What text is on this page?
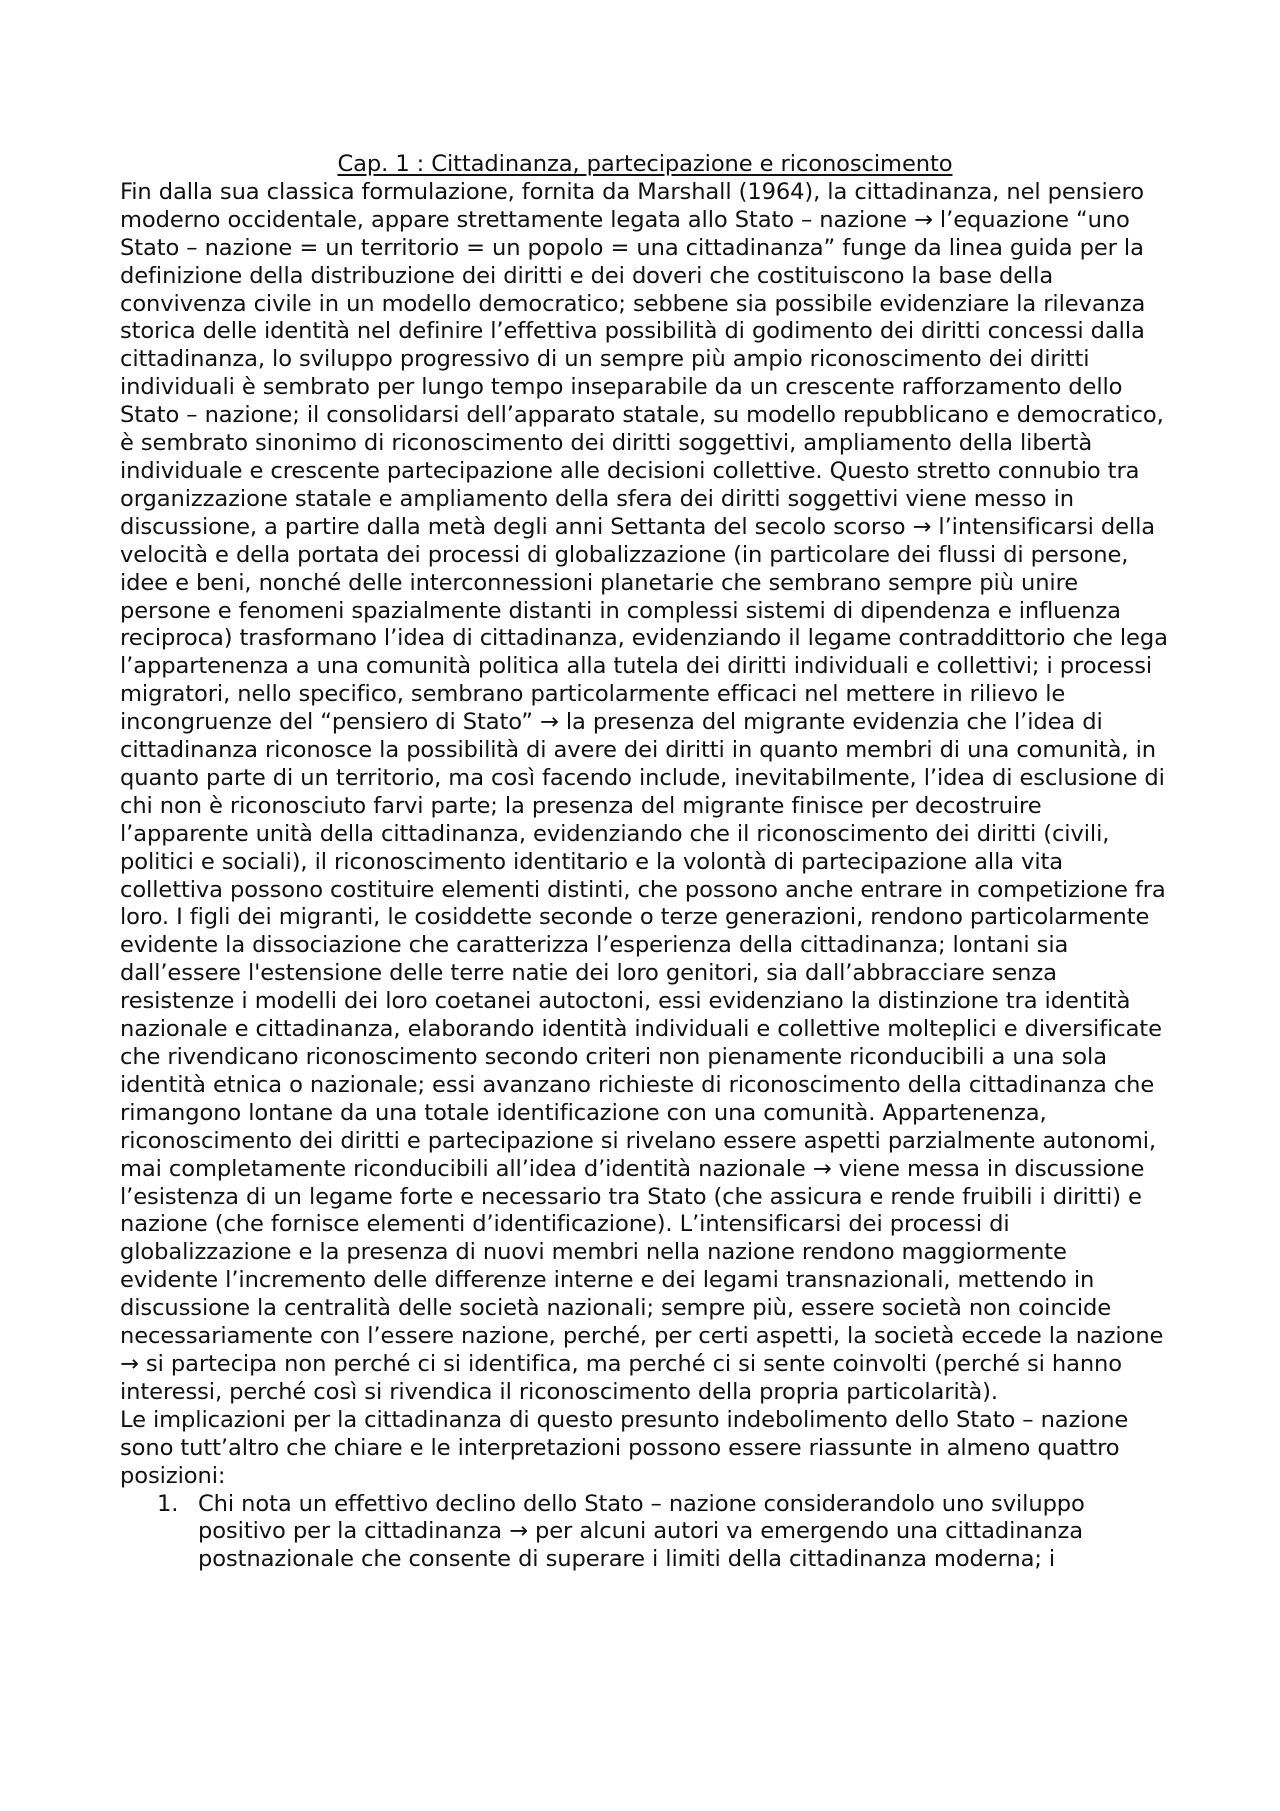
Cap. 1 : Cittadinanza, partecipazione e riconoscimento

Fin dalla sua classica formulazione, fornita da Marshall (1964), la cittadinanza, nel pensiero moderno occidentale, appare strettamente legata allo Stato – nazione → l’equazione “uno Stato – nazione = un territorio = un popolo = una cittadinanza” funge da linea guida per la definizione della distribuzione dei diritti e dei doveri che costituiscono la base della convivenza civile in un modello democratico; sebbene sia possibile evidenziare la rilevanza storica delle identità nel definire l’effettiva possibilità di godimento dei diritti concessi dalla cittadinanza, lo sviluppo progressivo di un sempre più ampio riconoscimento dei diritti individuali è sembrato per lungo tempo inseparabile da un crescente rafforzamento dello Stato – nazione; il consolidarsi dell’apparato statale, su modello repubblicano e democratico, è sembrato sinonimo di riconoscimento dei diritti soggettivi, ampliamento della libertà individuale e crescente partecipazione alle decisioni collettive. Questo stretto connubio tra organizzazione statale e ampliamento della sfera dei diritti soggettivi viene messo in discussione, a partire dalla metà degli anni Settanta del secolo scorso → l’intensificarsi della velocità e della portata dei processi di globalizzazione (in particolare dei flussi di persone, idee e beni, nonché delle interconnessioni planetarie che sembrano sempre più unire persone e fenomeni spazialmente distanti in complessi sistemi di dipendenza e influenza reciproca) trasformano l’idea di cittadinanza, evidenziando il legame contraddittorio che lega l’appartenenza a una comunità politica alla tutela dei diritti individuali e collettivi; i processi migratori, nello specifico, sembrano particolarmente efficaci nel mettere in rilievo le incongruenze del “pensiero di Stato” → la presenza del migrante evidenzia che l’idea di cittadinanza riconosce la possibilità di avere dei diritti in quanto membri di una comunità, in quanto parte di un territorio, ma così facendo include, inevitabilmente, l’idea di esclusione di chi non è riconosciuto farvi parte; la presenza del migrante finisce per decostruire l’apparente unità della cittadinanza, evidenziando che il riconoscimento dei diritti (civili, politici e sociali), il riconoscimento identitario e la volontà di partecipazione alla vita collettiva possono costituire elementi distinti, che possono anche entrare in competizione fra loro. I figli dei migranti, le cosiddette seconde o terze generazioni, rendono particolarmente evidente la dissociazione che caratterizza l’esperienza della cittadinanza; lontani sia dall’essere l'estensione delle terre natie dei loro genitori, sia dall’abbracciare senza resistenze i modelli dei loro coetanei autoctoni, essi evidenziano la distinzione tra identità nazionale e cittadinanza, elaborando identità individuali e collettive molteplici e diversificate che rivendicano riconoscimento secondo criteri non pienamente riconducibili a una sola identità etnica o nazionale; essi avanzano richieste di riconoscimento della cittadinanza che rimangono lontane da una totale identificazione con una comunità. Appartenenza, riconoscimento dei diritti e partecipazione si rivelano essere aspetti parzialmente autonomi, mai completamente riconducibili all’idea d’identità nazionale → viene messa in discussione l’esistenza di un legame forte e necessario tra Stato (che assicura e rende fruibili i diritti) e nazione (che fornisce elementi d’identificazione). L’intensificarsi dei processi di globalizzazione e la presenza di nuovi membri nella nazione rendono maggiormente evidente l’incremento delle differenze interne e dei legami transnazionali, mettendo in discussione la centralità delle società nazionali; sempre più, essere società non coincide necessariamente con l’essere nazione, perché, per certi aspetti, la società eccede la nazione → si partecipa non perché ci si identifica, ma perché ci si sente coinvolti (perché si hanno interessi, perché così si rivendica il riconoscimento della propria particolarità).

Le implicazioni per la cittadinanza di questo presunto indebolimento dello Stato – nazione sono tutt’altro che chiare e le interpretazioni possono essere riassunte in almeno quattro posizioni:

1. Chi nota un effettivo declino dello Stato – nazione considerandolo uno sviluppo positivo per la cittadinanza → per alcuni autori va emergendo una cittadinanza postnazionale che consente di superare i limiti della cittadinanza moderna; i
